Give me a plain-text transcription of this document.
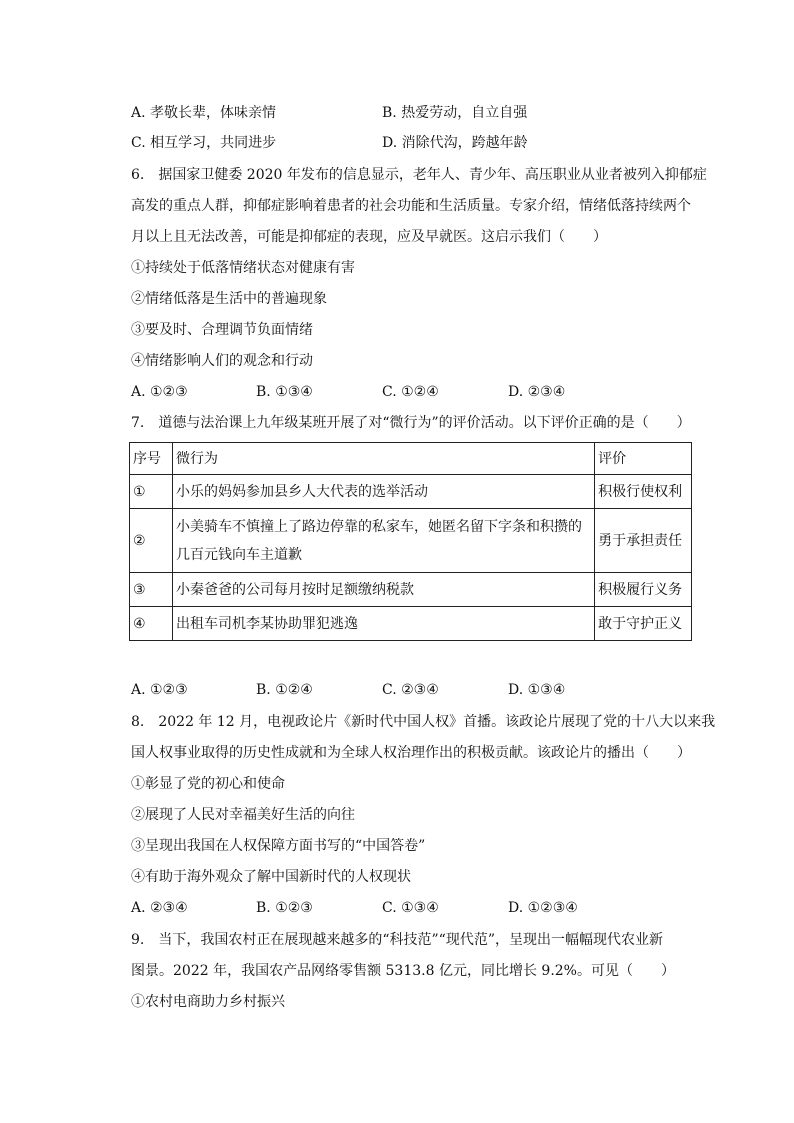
A. 孝敬长辈，体味亲情	B. 热爱劳动，自立自强
C. 相互学习，共同进步	D. 消除代沟，跨越年龄
6.　据国家卫健委 2020 年发布的信息显示，老年人、青少年、高压职业从业者被列入抑郁症
高发的重点人群，抑郁症影响着患者的社会功能和生活质量。专家介绍，情绪低落持续两个
月以上且无法改善，可能是抑郁症的表现，应及早就医。这启示我们（　　）
①持续处于低落情绪状态对健康有害
②情绪低落是生活中的普遍现象
③要及时、合理调节负面情绪
④情绪影响人们的观念和行动
A. ①②③	B. ①③④	C. ①②④	D. ②③④
7.　道德与法治课上九年级某班开展了对“微行为”的评价活动。以下评价正确的是（　　）
序号	微行为	评价
①	小乐的妈妈参加县乡人大代表的选举活动	积极行使权利
②	小美骑车不慎撞上了路边停靠的私家车，她匿名留下字条和积攒的几百元钱向车主道歉	勇于承担责任
③	小秦爸爸的公司每月按时足额缴纳税款	积极履行义务
④	出租车司机李某协助罪犯逃逸	敢于守护正义
A. ①②③	B. ①②④	C. ②③④	D. ①③④
8.　2022 年 12 月，电视政论片《新时代中国人权》首播。该政论片展现了党的十八大以来我
国人权事业取得的历史性成就和为全球人权治理作出的积极贡献。该政论片的播出（　　）
①彰显了党的初心和使命
②展现了人民对幸福美好生活的向往
③呈现出我国在人权保障方面书写的“中国答卷”
④有助于海外观众了解中国新时代的人权现状
A. ②③④	B. ①②③	C. ①③④	D. ①②③④
9.　当下，我国农村正在展现越来越多的“科技范”“现代范”，呈现出一幅幅现代农业新
图景。2022 年，我国农产品网络零售额 5313.8 亿元，同比增长 9.2%。可见（　　）
①农村电商助力乡村振兴
